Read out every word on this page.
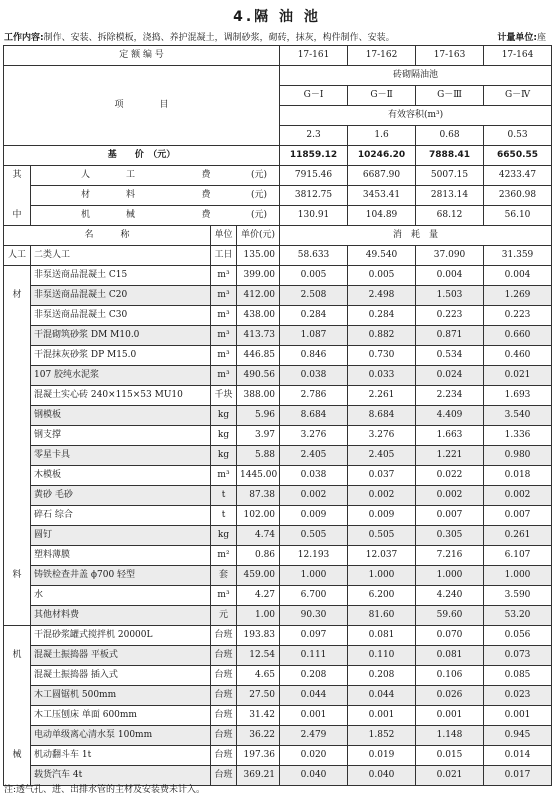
4.隔 油 池
工作内容:制作、安装、拆除模板，浇捣、养护混凝土，调制砂浆，砌砖，抹灰，构件制作、安装。	计量单位:座
定 额 编 号				17-161	17-162	17-163	17-164
项　　　　目				砖砌隔油池			
				G－Ⅰ	G－Ⅱ	G－Ⅲ	G－Ⅳ
				有效容积(m³)			
				2.3	1.6	0.68	0.53
基　　价　（元）				11859.12	10246.20	7888.41	6650.55
其	人　　　　工 费 (元)			7915.46	6687.90	5007.15	4233.47
	材　　　　料 费 (元)			3812.75	3453.41	2813.14	2360.98
中	机　　　　械 费 (元)			130.91	104.89	68.12	56.10
名　　　称		单位	单价(元)	消　耗　量			
人工	二类人工	工日	135.00	58.633	49.540	37.090	31.359
	非泵送商品混凝土 C15	m³	399.00	0.005	0.005	0.004	0.004
材	非泵送商品混凝土 C20	m³	412.00	2.508	2.498	1.503	1.269
	非泵送商品混凝土 C30	m³	438.00	0.284	0.284	0.223	0.223
	干混砌筑砂浆 DM M10.0	m³	413.73	1.087	0.882	0.871	0.660
	干混抹灰砂浆 DP M15.0	m³	446.85	0.846	0.730	0.534	0.460
	107 胶纯水泥浆	m³	490.56	0.038	0.033	0.024	0.021
	混凝土实心砖 240×115×53 MU10	千块	388.00	2.786	2.261	2.234	1.693
	钢模板	kg	5.96	8.684	8.684	4.409	3.540
	钢支撑	kg	3.97	3.276	3.276	1.663	1.336
	零星卡具	kg	5.88	2.405	2.405	1.221	0.980
	木模板	m³	1445.00	0.038	0.037	0.022	0.018
	黄砂 毛砂	t	87.38	0.002	0.002	0.002	0.002
	碎石 综合	t	102.00	0.009	0.009	0.007	0.007
	圆钉	kg	4.74	0.505	0.505	0.305	0.261
	塑料薄膜	m²	0.86	12.193	12.037	7.216	6.107
料	铸铁检查井盖 ϕ700 轻型	套	459.00	1.000	1.000	1.000	1.000
	水	m³	4.27	6.700	6.200	4.240	3.590
	其他材料费	元	1.00	90.30	81.60	59.60	53.20
	干混砂浆罐式搅拌机 20000L	台班	193.83	0.097	0.081	0.070	0.056
机	混凝土振捣器 平板式	台班	12.54	0.111	0.110	0.081	0.073
	混凝土振捣器 插入式	台班	4.65	0.208	0.208	0.106	0.085
	木工圆锯机 500mm	台班	27.50	0.044	0.044	0.026	0.023
	木工压刨床 单面 600mm	台班	31.42	0.001	0.001	0.001	0.001
	电动单级离心清水泵 100mm	台班	36.22	2.479	1.852	1.148	0.945
械	机动翻斗车 1t	台班	197.36	0.020	0.019	0.015	0.014
	载货汽车 4t	台班	369.21	0.040	0.040	0.021	0.017
注:透气孔、进、出排水管的主材及安装费未计入。
